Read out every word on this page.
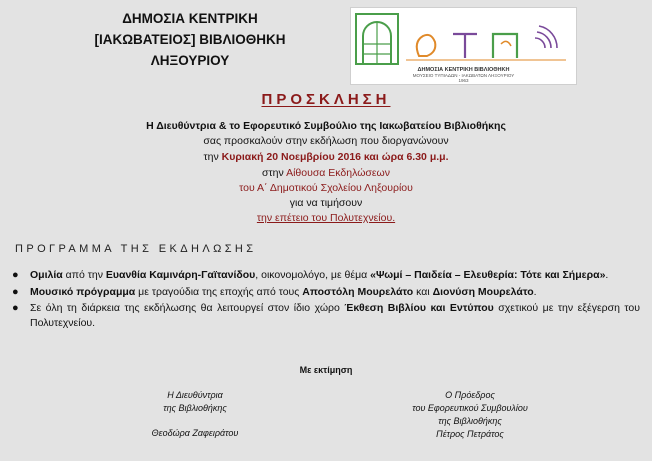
ΔΗΜΟΣΙΑ ΚΕΝΤΡΙΚΗ
[ΙΑΚΩΒΑΤΕΙΟΣ] ΒΙΒΛΙΟΘΗΚΗ
ΛΗΞΟΥΡΙΟΥ
ΔΗΜΟΣΙΑ ΚΕΝΤΡΙΚΗ ΒΙΒΛΙΟΘΗΚΗ
ΜΟΥΣΕΙΟ ΤΥΠΙΑΔΩΝ - ΙΑΚΩΒΑΤΩΝ ΛΗΞΟΥΡΙΟΥ
1963
ΠΡΟΣΚΛΗΣΗ
Η Διευθύντρια & το Εφορευτικό Συμβούλιο της Ιακωβατείου Βιβλιοθήκης
σας προσκαλούν στην εκδήλωση που διοργανώνουν
την Κυριακή 20 Νοεμβρίου 2016 και ώρα 6.30 μ.μ.
στην Αίθουσα Εκδηλώσεων
του Α΄ Δημοτικού Σχολείου Ληξουρίου
για να τιμήσουν
την επέτειο του Πολυτεχνείου.
ΠΡΟΓΡΑΜΜΑ ΤΗΣ ΕΚΔΗΛΩΣΗΣ
●	Ομιλία από την Ευανθία Καμινάρη-Γαϊτανίδου, οικονομολόγο, με θέμα «Ψωμί – Παιδεία – Ελευθερία: Τότε και Σήμερα».
●	Μουσικό πρόγραμμα με τραγούδια της εποχής από τους Αποστόλη Μουρελάτο και Διονύση Μουρελάτο.
●	Σε όλη τη διάρκεια της εκδήλωσης θα λειτουργεί στον ίδιο χώρο Έκθεση Βιβλίου και Εντύπου σχετικού με την εξέγερση του Πολυτεχνείου.
Με εκτίμηση
Η Διευθύντρια
της Βιβλιοθήκης
Θεοδώρα Ζαφειράτου
Ο Πρόεδρος
του Εφορευτικού Συμβουλίου
της Βιβλιοθήκης
Πέτρος Πετράτος
